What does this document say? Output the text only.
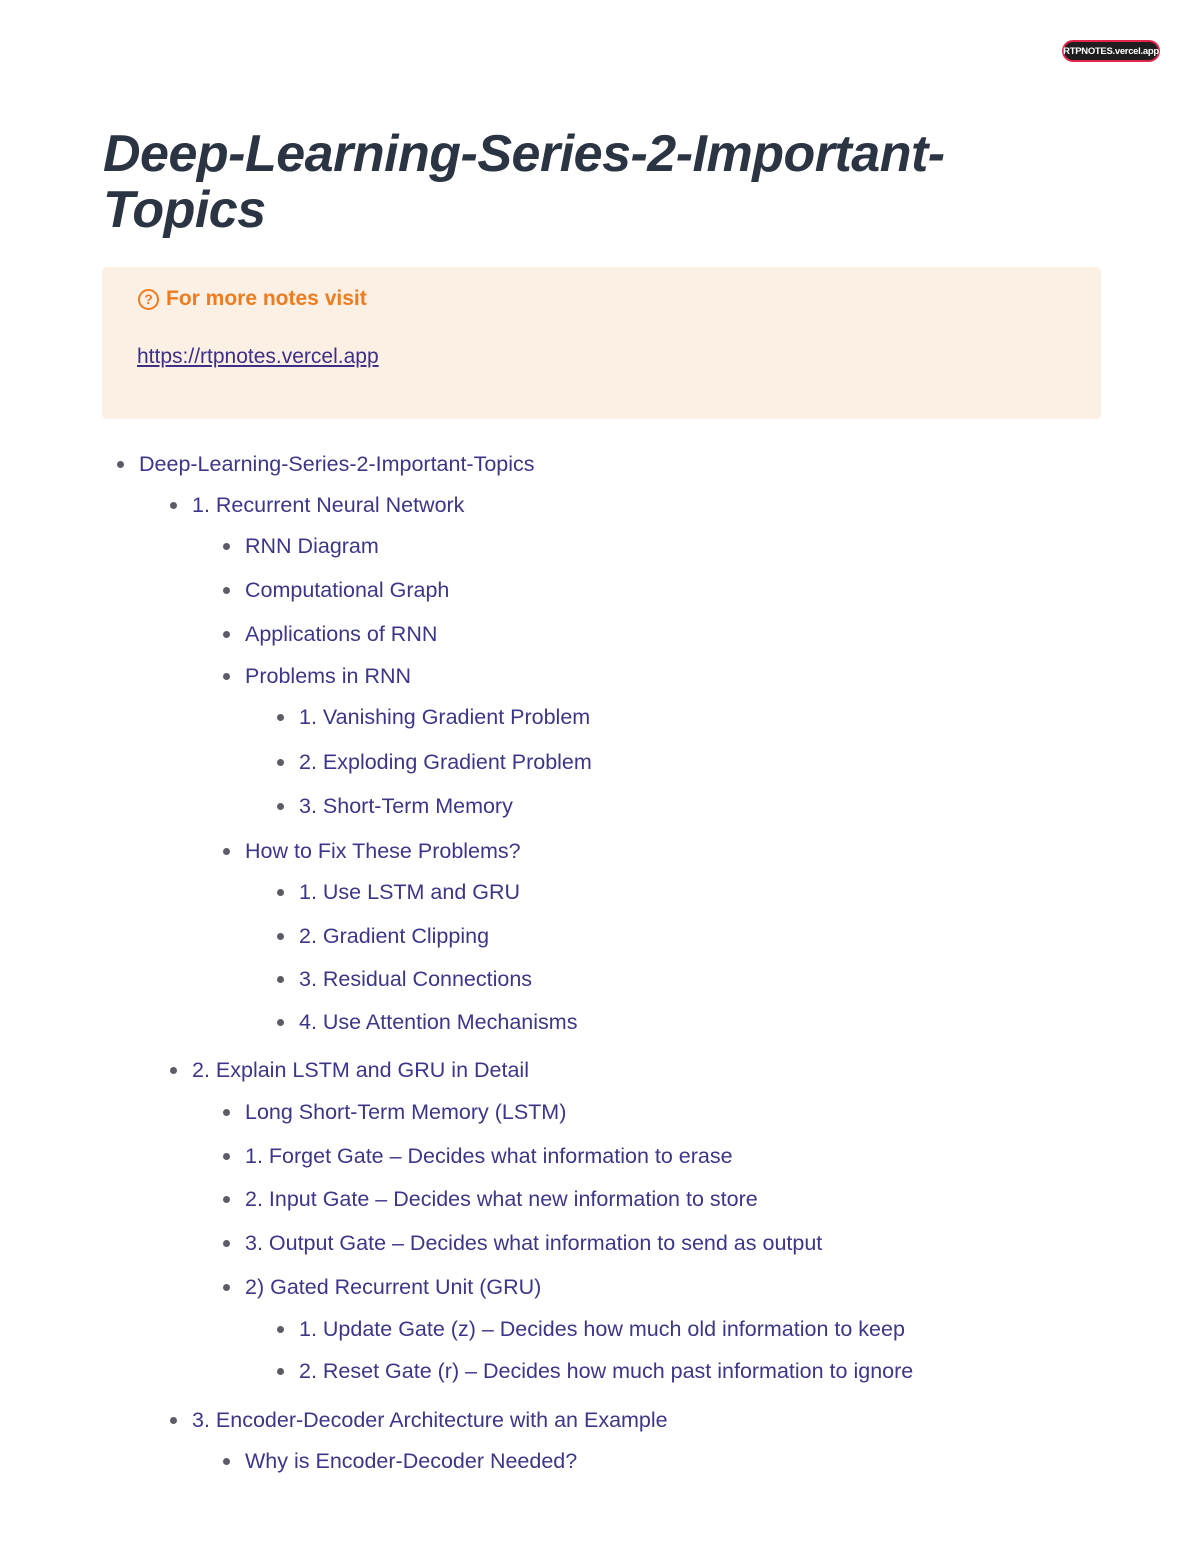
RTPNOTES.vercel.app
Deep-Learning-Series-2-Important-Topics
? For more notes visit
https://rtpnotes.vercel.app
Deep-Learning-Series-2-Important-Topics
1. Recurrent Neural Network
RNN Diagram
Computational Graph
Applications of RNN
Problems in RNN
1. Vanishing Gradient Problem
2. Exploding Gradient Problem
3. Short-Term Memory
How to Fix These Problems?
1. Use LSTM and GRU
2. Gradient Clipping
3. Residual Connections
4. Use Attention Mechanisms
2. Explain LSTM and GRU in Detail
Long Short-Term Memory (LSTM)
1. Forget Gate – Decides what information to erase
2. Input Gate – Decides what new information to store
3. Output Gate – Decides what information to send as output
2) Gated Recurrent Unit (GRU)
1. Update Gate (z) – Decides how much old information to keep
2. Reset Gate (r) – Decides how much past information to ignore
3. Encoder-Decoder Architecture with an Example
Why is Encoder-Decoder Needed?
